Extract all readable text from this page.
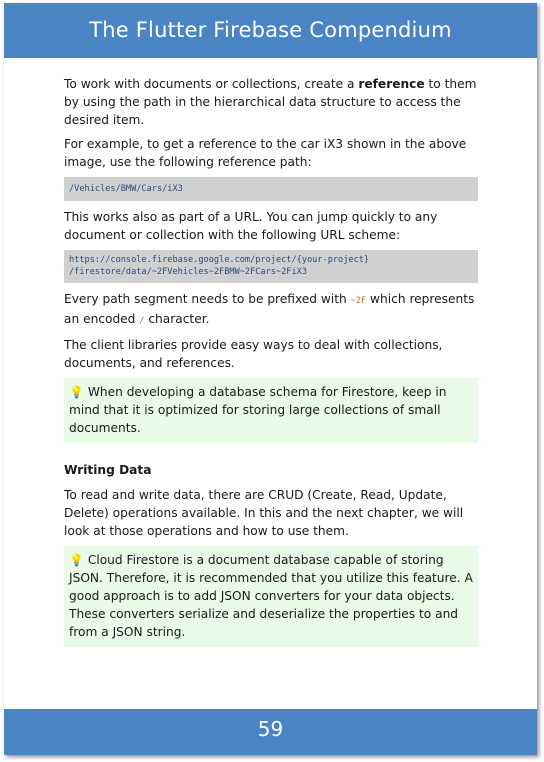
The Flutter Firebase Compendium

To work with documents or collections, create a reference to them by using the path in the hierarchical data structure to access the desired item.

For example, to get a reference to the car iX3 shown in the above image, use the following reference path:

/Vehicles/BMW/Cars/iX3

This works also as part of a URL. You can jump quickly to any document or collection with the following URL scheme:

https://console.firebase.google.com/project/{your-project}
/firestore/data/~2FVehicles~2FBMW~2FCars~2FiX3

Every path segment needs to be prefixed with ~2F which represents an encoded / character.

The client libraries provide easy ways to deal with collections, documents, and references.

💡 When developing a database schema for Firestore, keep in mind that it is optimized for storing large collections of small documents.
Writing Data

To read and write data, there are CRUD (Create, Read, Update, Delete) operations available. In this and the next chapter, we will look at those operations and how to use them.

💡 Cloud Firestore is a document database capable of storing JSON. Therefore, it is recommended that you utilize this feature. A good approach is to add JSON converters for your data objects. These converters serialize and deserialize the properties to and from a JSON string.
59
